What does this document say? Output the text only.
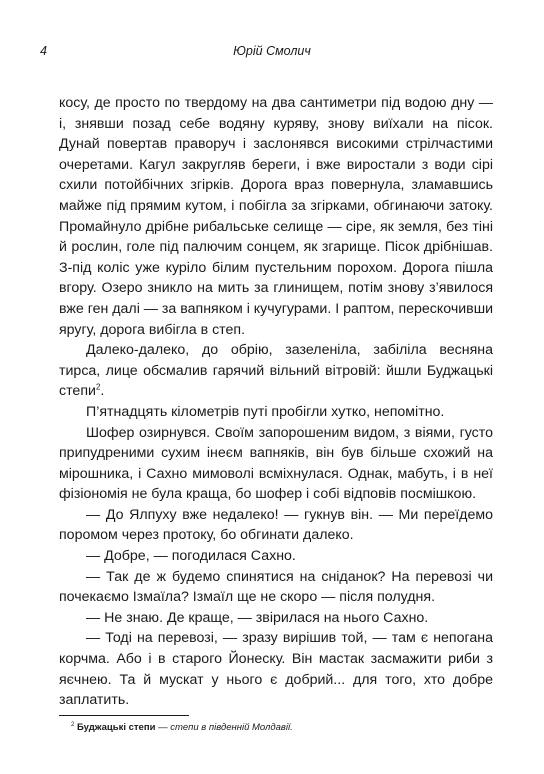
4	Юрій Смолич

косу, де просто по твердому на два сантиметри під водою дну — і, знявши позад себе водяну куряву, знову виїхали на пісок. Дунай повертав праворуч і заслонявся високими стрілчастими очеретами. Кагул закругляв береги, і вже виростали з води сірі схили потойбічних згірків. Дорога враз повернула, зламавшись майже під прямим кутом, і побігла за згірками, обгинаючи затоку. Промайнуло дрібне рибальське селище — сіре, як земля, без тіні й рослин, голе під палючим сонцем, як згарище. Пісок дрібнішав. З-під коліс уже куріло білим пустельним порохом. Дорога пішла вгору. Озеро зникло на мить за глинищем, потім знову з’явилося вже ген далі — за вапняком і кучугурами. І раптом, перескочивши яругу, дорога вибігла в степ.

Далеко-далеко, до обрію, зазеленіла, забіліла весняна тирса, лице обсмалив гарячий вільний вітровій: йшли Буджацькі степи$^2$.

П’ятнадцять кілометрів путі пробігли хутко, непомітно.

Шофер озирнувся. Своїм запорошеним видом, з віями, густо припудреними сухим інеєм вапняків, він був більше схожий на мірошника, і Сахно мимоволі всміхнулася. Однак, мабуть, і в неї фізіономія не була краща, бо шофер і собі відповів посмішкою.

— До Ялпуху вже недалеко! — гукнув він. — Ми переїдемо поромом через протоку, бо обгинати далеко.

— Добре, — погодилася Сахно.

— Так де ж будемо спинятися на сніданок? На перевозі чи почекаємо Ізмаїла? Ізмаїл ще не скоро — після полудня.

— Не знаю. Де краще, — звірилася на нього Сахно.

— Тоді на перевозі, — зразу вирішив той, — там є непогана корчма. Або і в старого Йонеску. Він мастак засмажити риби з яєчнею. Та й мускат у нього є добрий... для того, хто добре заплатить.

$^2$ Буджацькі степи — степи в південній Молдавії.
